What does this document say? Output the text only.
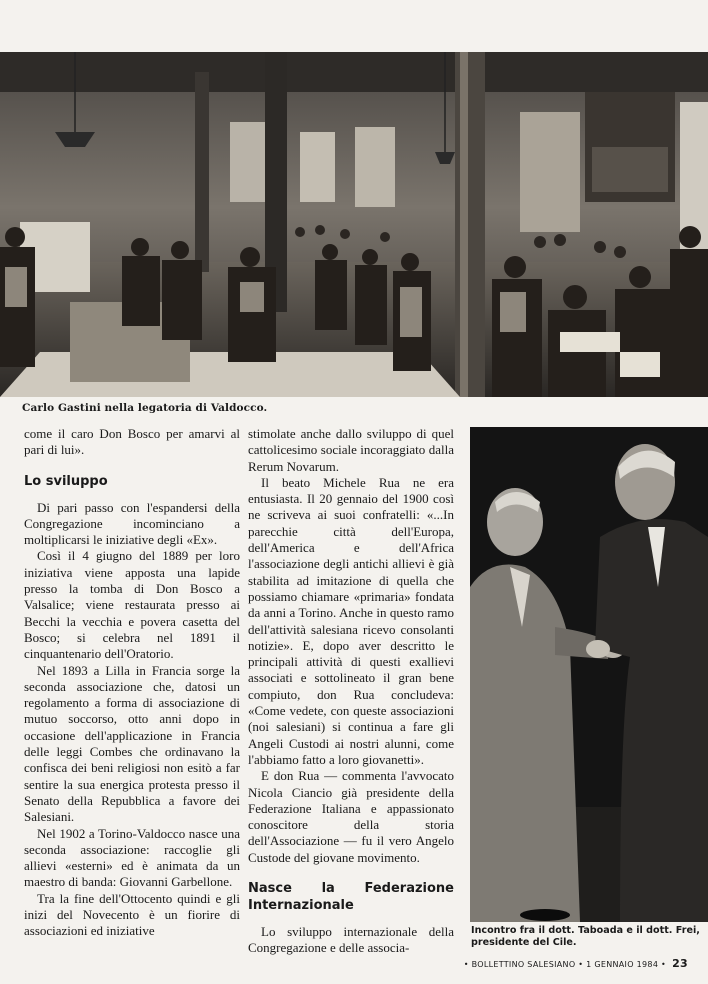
Carlo Gastini nella legatoria di Valdocco.

come il caro Don Bosco per amarvi al pari di lui».

Lo sviluppo

Di pari passo con l'espandersi della Congregazione incominciano a moltiplicarsi le iniziative degli «Ex».

Così il 4 giugno del 1889 per loro iniziativa viene apposta una lapide presso la tomba di Don Bosco a Valsalice; viene restaurata presso ai Becchi la vecchia e povera casetta del Bosco; si celebra nel 1891 il cinquantenario dell'Oratorio.

Nel 1893 a Lilla in Francia sorge la seconda associazione che, datosi un regolamento a forma di associazione di mutuo soccorso, otto anni dopo in occasione dell'applicazione in Francia delle leggi Combes che ordinavano la confisca dei beni religiosi non esitò a far sentire la sua energica protesta presso il Senato della Repubblica a favore dei Salesiani.

Nel 1902 a Torino-Valdocco nasce una seconda associazione: raccoglie gli allievi «esterni» ed è animata da un maestro di banda: Giovanni Garbellone.

Tra la fine dell'Ottocento quindi e gli inizi del Novecento è un fiorire di associazioni ed iniziative

stimolate anche dallo sviluppo di quel cattolicesimo sociale incoraggiato dalla Rerum Novarum.

Il beato Michele Rua ne era entusiasta. Il 20 gennaio del 1900 così ne scriveva ai suoi confratelli: «...In parecchie città dell'Europa, dell'America e dell'Africa l'associazione degli antichi allievi è già stabilita ad imitazione di quella che possiamo chiamare «primaria» fondata da anni a Torino. Anche in questo ramo dell'attività salesiana ricevo consolanti notizie». E, dopo aver descritto le principali attività di questi exallievi associati e sottolineato il gran bene compiuto, don Rua concludeva: «Come vedete, con queste associazioni (noi salesiani) si continua a fare gli Angeli Custodi ai nostri alunni, come l'abbiamo fatto a loro giovanetti».

E don Rua — commenta l'avvocato Nicola Ciancio già presidente della Federazione Italiana e appassionato conoscitore della storia dell'Associazione — fu il vero Angelo Custode del giovane movimento.

Nasce la Federazione Internazionale

Lo sviluppo internazionale della Congregazione e delle associa-

Incontro fra il dott. Taboada e il dott. Frei, presidente del Cile.
• BOLLETTINO SALESIANO • 1 GENNAIO 1984 • 23
